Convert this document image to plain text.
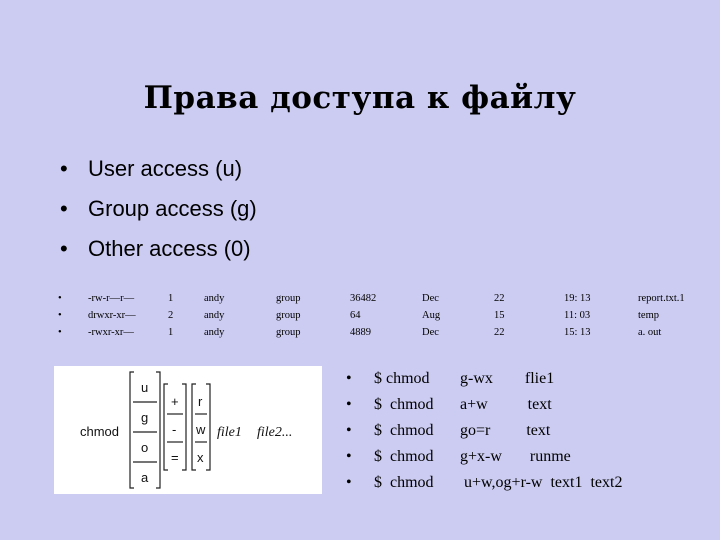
Права доступа к файлу
• User access (u)
• Group access (g)
• Other access (0)
•	-rw-r—r—	1	andy	group	36482	Dec	22	19: 13	report.txt.1
•	drwxr-xr—	2	andy	group	64	Aug	15	11: 03	temp
•	-rwxr-xr—	1	andy	group	4889	Dec	22	15: 13	a. out
chmod
u
g
o
a
+
-
=
r
w
x
file1 file2...
• $ chmod g-wx        flie1
• $  chmod a+w          text
• $  chmod go=r         text
• $  chmod g+x-w       runme
• $  chmod u+w,og+r-w  text1  text2
